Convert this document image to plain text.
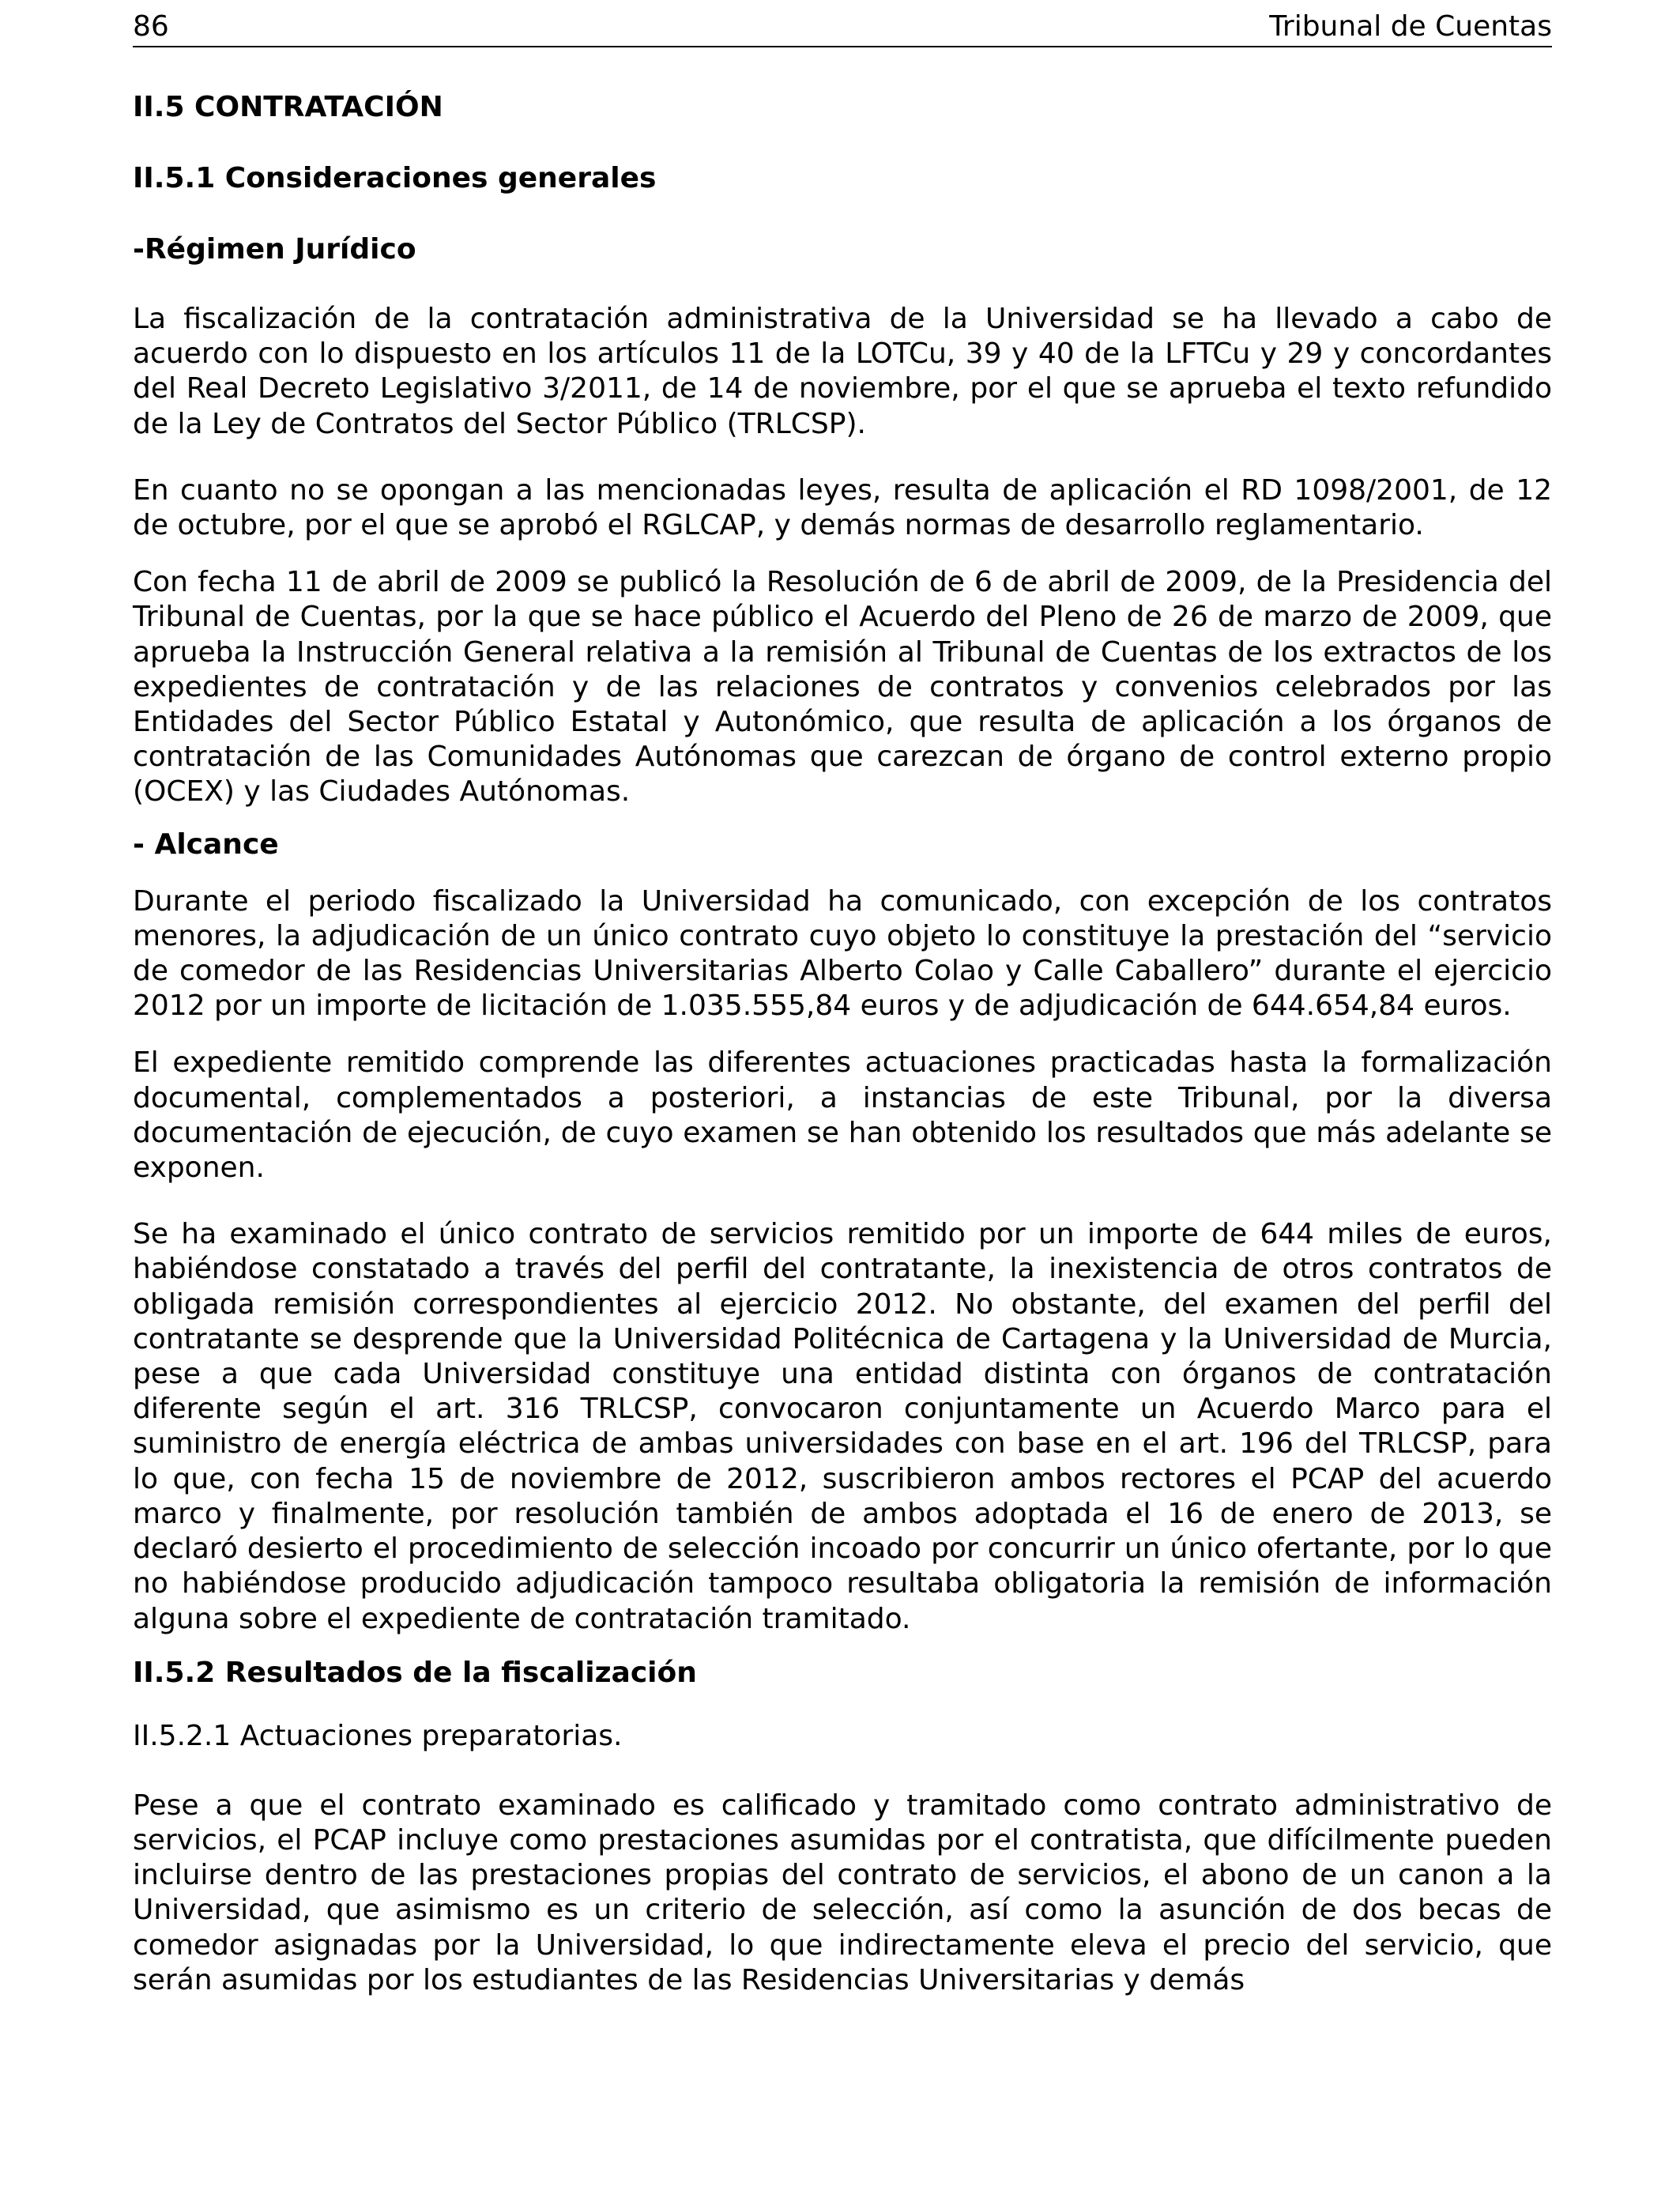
86	Tribunal de Cuentas
II.5 CONTRATACIÓN
II.5.1 Consideraciones generales
-Régimen Jurídico

La fiscalización de la contratación administrativa de la Universidad se ha llevado a cabo de acuerdo con lo dispuesto en los artículos 11 de la LOTCu, 39 y 40 de la LFTCu y 29 y concordantes del Real Decreto Legislativo 3/2011, de 14 de noviembre, por el que se aprueba el texto refundido de la Ley de Contratos del Sector Público (TRLCSP).

En cuanto no se opongan a las mencionadas leyes, resulta de aplicación el RD 1098/2001, de 12 de octubre, por el que se aprobó el RGLCAP, y demás normas de desarrollo reglamentario.

Con fecha 11 de abril de 2009 se publicó la Resolución de 6 de abril de 2009, de la Presidencia del Tribunal de Cuentas, por la que se hace público el Acuerdo del Pleno de 26 de marzo de 2009, que aprueba la Instrucción General relativa a la remisión al Tribunal de Cuentas de los extractos de los expedientes de contratación y de las relaciones de contratos y convenios celebrados por las Entidades del Sector Público Estatal y Autonómico, que resulta de aplicación a los órganos de contratación de las Comunidades Autónomas que carezcan de órgano de control externo propio (OCEX) y las Ciudades Autónomas.

- Alcance

Durante el periodo fiscalizado la Universidad ha comunicado, con excepción de los contratos menores, la adjudicación de un único contrato cuyo objeto lo constituye la prestación del “servicio de comedor de las Residencias Universitarias Alberto Colao y Calle Caballero” durante el ejercicio 2012 por un importe de licitación de 1.035.555,84 euros y de adjudicación de 644.654,84 euros.

El expediente remitido comprende las diferentes actuaciones practicadas hasta la formalización documental, complementados a posteriori, a instancias de este Tribunal, por la diversa documentación de ejecución, de cuyo examen se han obtenido los resultados que más adelante se exponen.

Se ha examinado el único contrato de servicios remitido por un importe de 644 miles de euros, habiéndose constatado a través del perfil del contratante, la inexistencia de otros contratos de obligada remisión correspondientes al ejercicio 2012. No obstante, del examen del perfil del contratante se desprende que la Universidad Politécnica de Cartagena y la Universidad de Murcia, pese a que cada Universidad constituye una entidad distinta con órganos de contratación diferente según el art. 316 TRLCSP, convocaron conjuntamente un Acuerdo Marco para el suministro de energía eléctrica de ambas universidades con base en el art. 196 del TRLCSP, para lo que, con fecha 15 de noviembre de 2012, suscribieron ambos rectores el PCAP del acuerdo marco y finalmente, por resolución también de ambos adoptada el 16 de enero de 2013, se declaró desierto el procedimiento de selección incoado por concurrir un único ofertante, por lo que no habiéndose producido adjudicación tampoco resultaba obligatoria la remisión de información alguna sobre el expediente de contratación tramitado.

II.5.2 Resultados de la fiscalización
II.5.2.1 Actuaciones preparatorias.

Pese a que el contrato examinado es calificado y tramitado como contrato administrativo de servicios, el PCAP incluye como prestaciones asumidas por el contratista, que difícilmente pueden incluirse dentro de las prestaciones propias del contrato de servicios, el abono de un canon a la Universidad, que asimismo es un criterio de selección, así como la asunción de dos becas de comedor asignadas por la Universidad, lo que indirectamente eleva el precio del servicio, que serán asumidas por los estudiantes de las Residencias Universitarias y demás
